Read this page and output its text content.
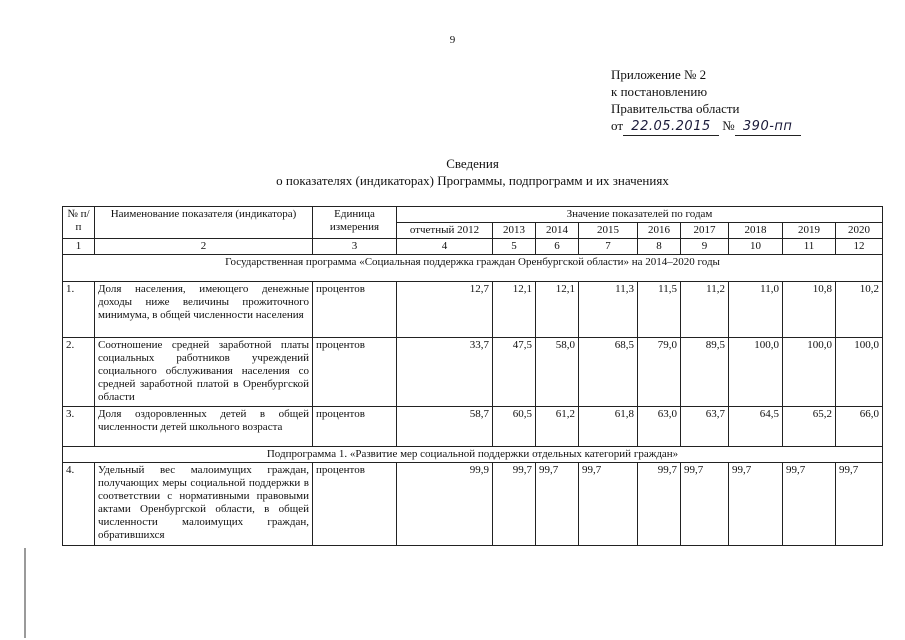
9
Приложение № 2
к постановлению
Правительства области
от 22.05.2015 № 390-пп
Сведения
о показателях (индикаторах) Программы, подпрограмм и их значениях
№ п/п	Наименование показателя (индикатора)	Единица измерения	Значение показателей по годам								
			отчетный 2012	2013	2014	2015	2016	2017	2018	2019	2020
1	2	3	4	5	6	7	8	9	10	11	12
Государственная программа «Социальная поддержка граждан Оренбургской области» на 2014–2020 годы											
1.	Доля населения, имеющего денежные доходы ниже величины прожиточного минимума, в общей численности населения	процентов	12,7	12,1	12,1	11,3	11,5	11,2	11,0	10,8	10,2
2.	Соотношение средней заработной платы социальных работников учреждений социального обслуживания населения со средней заработной платой в Оренбургской области	процентов	33,7	47,5	58,0	68,5	79,0	89,5	100,0	100,0	100,0
3.	Доля оздоровленных детей в общей численности детей школьного возраста	процентов	58,7	60,5	61,2	61,8	63,0	63,7	64,5	65,2	66,0
Подпрограмма 1. «Развитие мер социальной поддержки отдельных категорий граждан»											
4.	Удельный вес малоимущих граждан, получающих меры социальной поддержки в соответствии с нормативными правовыми актами Оренбургской области, в общей численности малоимущих граждан, обратившихся	процентов	99,9	99,7	99,7	99,7	99,7	99,7	99,7	99,7	99,7
